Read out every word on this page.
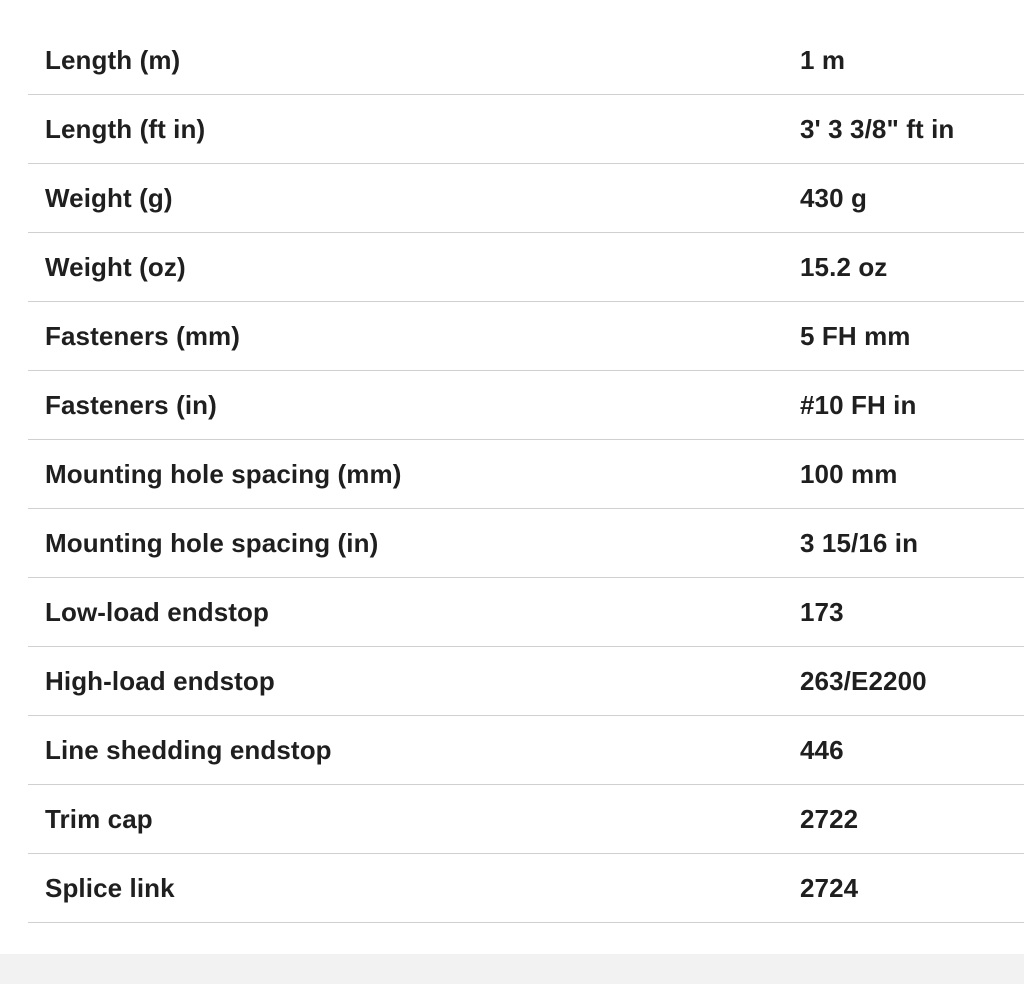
Length (m)	1 m
Length (ft in)	3' 3 3/8" ft in
Weight (g)	430 g
Weight (oz)	15.2 oz
Fasteners (mm)	5 FH mm
Fasteners (in)	#10 FH in
Mounting hole spacing (mm)	100 mm
Mounting hole spacing (in)	3 15/16 in
Low-load endstop	173
High-load endstop	263/E2200
Line shedding endstop	446
Trim cap	2722
Splice link	2724
